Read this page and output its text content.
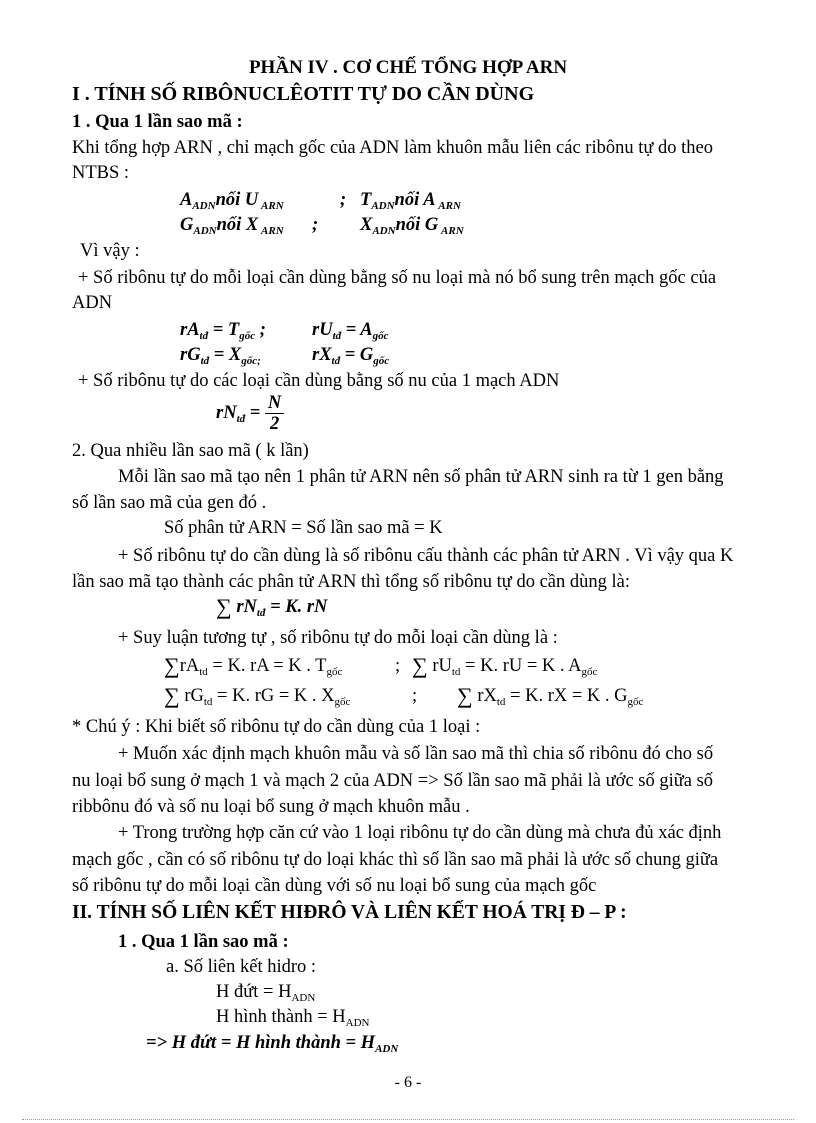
PHẦN IV . CƠ CHẾ TỔNG HỢP ARN
I . TÍNH SỐ RIBÔNUCLÊOTIT TỰ DO CẦN DÙNG
1 . Qua 1 lần sao mã :
Khi tổng hợp ARN , chỉ mạch gốc của ADN làm khuôn mẫu liên các ribônu tự do theo
NTBS :
$A_{ADN}nối$ U $_{ARN}$	; $T_{ADN}nối$ A $_{ARN}$
$G_{ADN}nối$ X $_{ARN}$ ; $X_{ADN}nối$ G $_{ARN}$
Vì vậy :
+ Số ribônu tự do mỗi loại cần dùng bằng số nu loại mà nó bổ sung trên mạch gốc của
ADN
$rA_{tđ} = T_{gốc}$ ; $rU_{tđ} = A_{gốc}$
$rG_{tđ} = X_{gốc;}$	$rX_{tđ} = G_{gốc}$
+ Số ribônu tự do các loại cần dùng bằng số nu của 1 mạch ADN
$rN_{tđ} = \frac{N}{2}$
2. Qua nhiều lần sao mã ( k lần)
Mỗi lần sao mã tạo nên 1 phân tử ARN nên số phân tử ARN sinh ra từ 1 gen bằng
số lần sao mã của gen đó .
Số phân tử ARN = Số lần sao mã = K
+ Số ribônu tự do cần dùng là số ribônu cấu thành các phân tử ARN . Vì vậy qua K
lần sao mã tạo thành các phân tử ARN thì tổng số ribônu tự do cần dùng là:
∑ $rN_{tđ} = K$. rN
+ Suy luận tương tự , số ribônu tự do mỗi loại cần dùng là :
$\sum rA_{td} = K$. rA = K . $T_{gốc}$	; ∑ $rU_{td} = K$. rU = K . $A_{gốc}$
∑ $rG_{td} = K$. rG = K . $X_{gốc}$	; ∑ $rX_{td} = K$. rX = K . $G_{gốc}$
* Chú ý : Khi biết số ribônu tự do cần dùng của 1 loại :
+ Muốn xác định mạch khuôn mẫu và số lần sao mã thì chia số ribônu đó cho số
nu loại bổ sung ở mạch 1 và mạch 2 của ADN => Số lần sao mã phải là ước số giữa số
ribbônu đó và số nu loại bổ sung ở mạch khuôn mẫu .
+ Trong trường hợp căn cứ vào 1 loại ribônu tự do cần dùng mà chưa đủ xác định
mạch gốc , cần có số ribônu tự do loại khác thì số lần sao mã phải là ước số chung giữa
số ribônu tự do mỗi loại cần dùng với số nu loại bổ sung của mạch gốc
II. TÍNH SỐ LIÊN KẾT HIĐRÔ VÀ LIÊN KẾT HOÁ TRỊ Đ – P :
1 . Qua 1 lần sao mã :
a. Số liên kết hidro :
H đứt = $H_{ADN}$
H hình thành = $H_{ADN}$
=> H đứt = H hình thành = $H_{ADN}$
- 6 -
